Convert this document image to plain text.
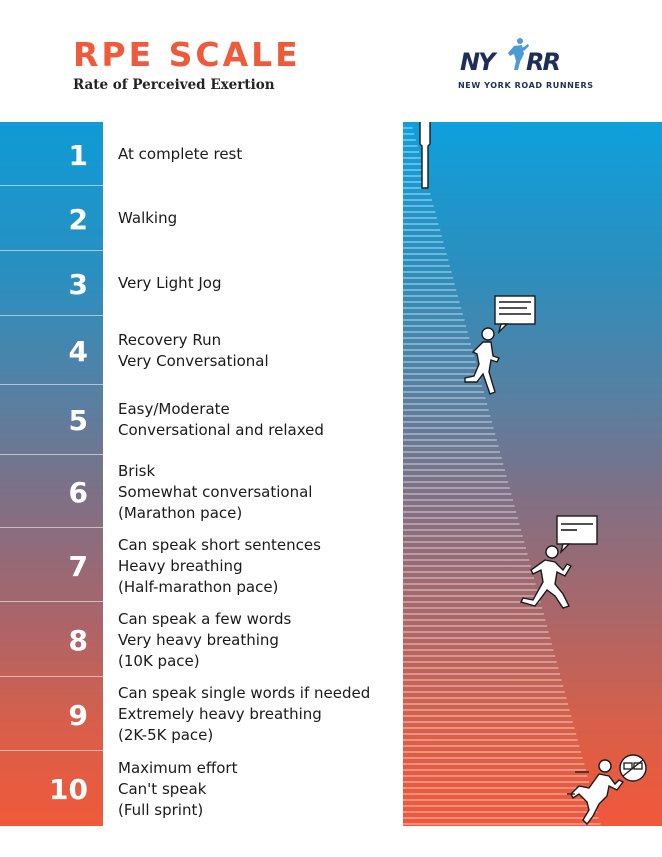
RPE SCALE
Rate of Perceived Exertion
NY RR
NEW YORK ROAD RUNNERS
1 At complete rest
2 Walking
3 Very Light Jog
4 Recovery Run
Very Conversational
5 Easy/Moderate
Conversational and relaxed
6
Brisk
Somewhat conversational
(Marathon pace)
7
Can speak short sentences
Heavy breathing
(Half-marathon pace)
8
Can speak a few words
Very heavy breathing
(10K pace)
9
Can speak single words if needed
Extremely heavy breathing
(2K-5K pace)
10
Maximum effort
Can't speak
(Full sprint)
